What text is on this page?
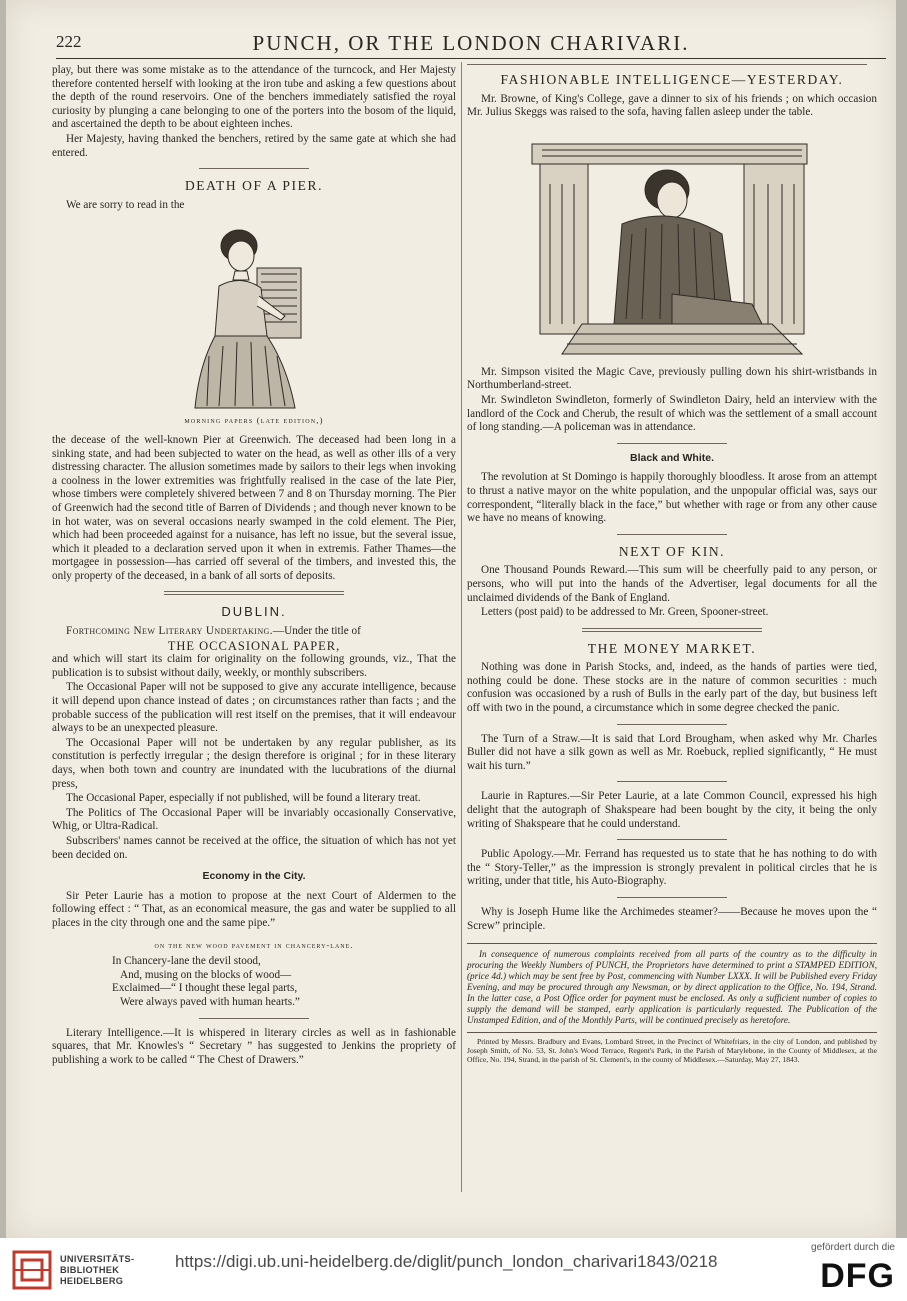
222	PUNCH, OR THE LONDON CHARIVARI.

play, but there was some mistake as to the attendance of the turncock, and Her Majesty therefore contented herself with looking at the iron tube and asking a few questions about the depth of the round reservoirs. One of the benchers immediately satisfied the royal curiosity by plunging a cane belonging to one of the porters into the bosom of the liquid, and ascertained the depth to be about eighteen inches.

Her Majesty, having thanked the benchers, retired by the same gate at which she had entered.

DEATH OF A PIER.

We are sorry to read in the

morning papers (late edition,)

the decease of the well-known Pier at Greenwich. The deceased had been long in a sinking state, and had been subjected to water on the head, as well as other ills of a very distressing character. The allusion sometimes made by sailors to their legs when invoking a coolness in the lower extremities was frightfully realised in the case of the late Pier, whose timbers were completely shivered between 7 and 8 on Thursday morning. The Pier of Greenwich had the second title of Barren of Dividends ; and though never known to be in hot water, was on several occasions nearly swamped in the cold element. The Pier, which had been proceeded against for a nuisance, has left no issue, but the several issue, which it pleaded to a declaration served upon it when in extremis. Father Thames—the mortgagee in possession—has carried off several of the timbers, and invested this, the only property of the deceased, in a bank of all sorts of deposits.

DUBLIN.

Forthcoming New Literary Undertaking.—Under the title of

THE OCCASIONAL PAPER,

and which will start its claim for originality on the following grounds, viz., That the publication is to subsist without daily, weekly, or monthly subscribers.

The Occasional Paper will not be supposed to give any accurate intelligence, because it will depend upon chance instead of dates ; on circumstances rather than facts ; and the probable success of the publication will rest itself on the premises, that it will endeavour always to be an unexpected pleasure.

The Occasional Paper will not be undertaken by any regular publisher, as its constitution is perfectly irregular ; the design therefore is original ; for in these literary days, when both town and country are inundated with the lucubrations of the diurnal press,

The Occasional Paper, especially if not published, will be found a literary treat.

The Politics of The Occasional Paper will be invariably occasionally Conservative, Whig, or Ultra-Radical.

Subscribers' names cannot be received at the office, the situation of which has not yet been decided on.

Economy in the City.

Sir Peter Laurie has a motion to propose at the next Court of Aldermen to the following effect : “ That, as an economical measure, the gas and water be supplied to all places in the city through one and the same pipe.”

on the new wood pavement in chancery-lane.
In Chancery-lane the devil stood,
And, musing on the blocks of wood—
Exclaimed—“ I thought these legal parts,
Were always paved with human hearts.”

Literary Intelligence.—It is whispered in literary circles as well as in fashionable squares, that Mr. Knowles's “ Secretary ” has suggested to Jenkins the propriety of publishing a work to be called “ The Chest of Drawers.”

FASHIONABLE INTELLIGENCE—YESTERDAY.

Mr. Browne, of King's College, gave a dinner to six of his friends ; on which occasion Mr. Julius Skeggs was raised to the sofa, having fallen asleep under the table.

Mr. Simpson visited the Magic Cave, previously pulling down his shirt-wristbands in Northumberland-street.

Mr. Swindleton Swindleton, formerly of Swindleton Dairy, held an interview with the landlord of the Cock and Cherub, the result of which was the settlement of a small account of long standing.—A policeman was in attendance.

Black and White.

The revolution at St Domingo is happily thoroughly bloodless. It arose from an attempt to thrust a native mayor on the white population, and the unpopular official was, says our correspondent, “literally black in the face,” but whether with rage or from any other cause we have no means of knowing.

NEXT OF KIN.

One Thousand Pounds Reward.—This sum will be cheerfully paid to any person, or persons, who will put into the hands of the Advertiser, legal documents for all the unclaimed dividends of the Bank of England.

Letters (post paid) to be addressed to Mr. Green, Spooner-street.

THE MONEY MARKET.

Nothing was done in Parish Stocks, and, indeed, as the hands of parties were tied, nothing could be done. These stocks are in the nature of common securities : much confusion was occasioned by a rush of Bulls in the early part of the day, but business left off with two in the pound, a circumstance which in some degree checked the panic.

The Turn of a Straw.—It is said that Lord Brougham, when asked why Mr. Charles Buller did not have a silk gown as well as Mr. Roebuck, replied significantly, “ He must wait his turn.”

Laurie in Raptures.—Sir Peter Laurie, at a late Common Council, expressed his high delight that the autograph of Shakspeare had been bought by the city, it being the only writing of Shakspeare that he could understand.

Public Apology.—Mr. Ferrand has requested us to state that he has nothing to do with the “ Story-Teller,” as the impression is strongly prevalent in political circles that he is writing, under that title, his Auto-Biography.

Why is Joseph Hume like the Archimedes steamer?——Because he moves upon the “ Screw” principle.

In consequence of numerous complaints received from all parts of the country as to the difficulty in procuring the Weekly Numbers of PUNCH, the Proprietors have determined to print a STAMPED EDITION, (price 4d.) which may be sent free by Post, commencing with Number LXXX. It will be Published every Friday Evening, and may be procured through any Newsman, or by direct application to the Office, No. 194, Strand. In the latter case, a Post Office order for payment must be enclosed. As only a sufficient number of copies to supply the demand will be stamped, early application is particularly requested. The Publication of the Unstamped Edition, and of the Monthly Parts, will be continued precisely as heretofore.

Printed by Messrs. Bradbury and Evans, Lombard Street, in the Precinct of Whitefriars, in the city of London, and published by Joseph Smith, of No. 53, St. John's Wood Terrace, Regent's Park, in the Parish of Marylebone, in the County of Middlesex, at the Office, No. 194, Strand, in the parish of St. Clement's, in the county of Middlesex.—Saturday, May 27, 1843.

UNIVERSITÄTS-
BIBLIOTHEK
HEIDELBERG
https://digi.ub.uni-heidelberg.de/diglit/punch_london_charivari1843/0218
gefördert durch die
DFG
